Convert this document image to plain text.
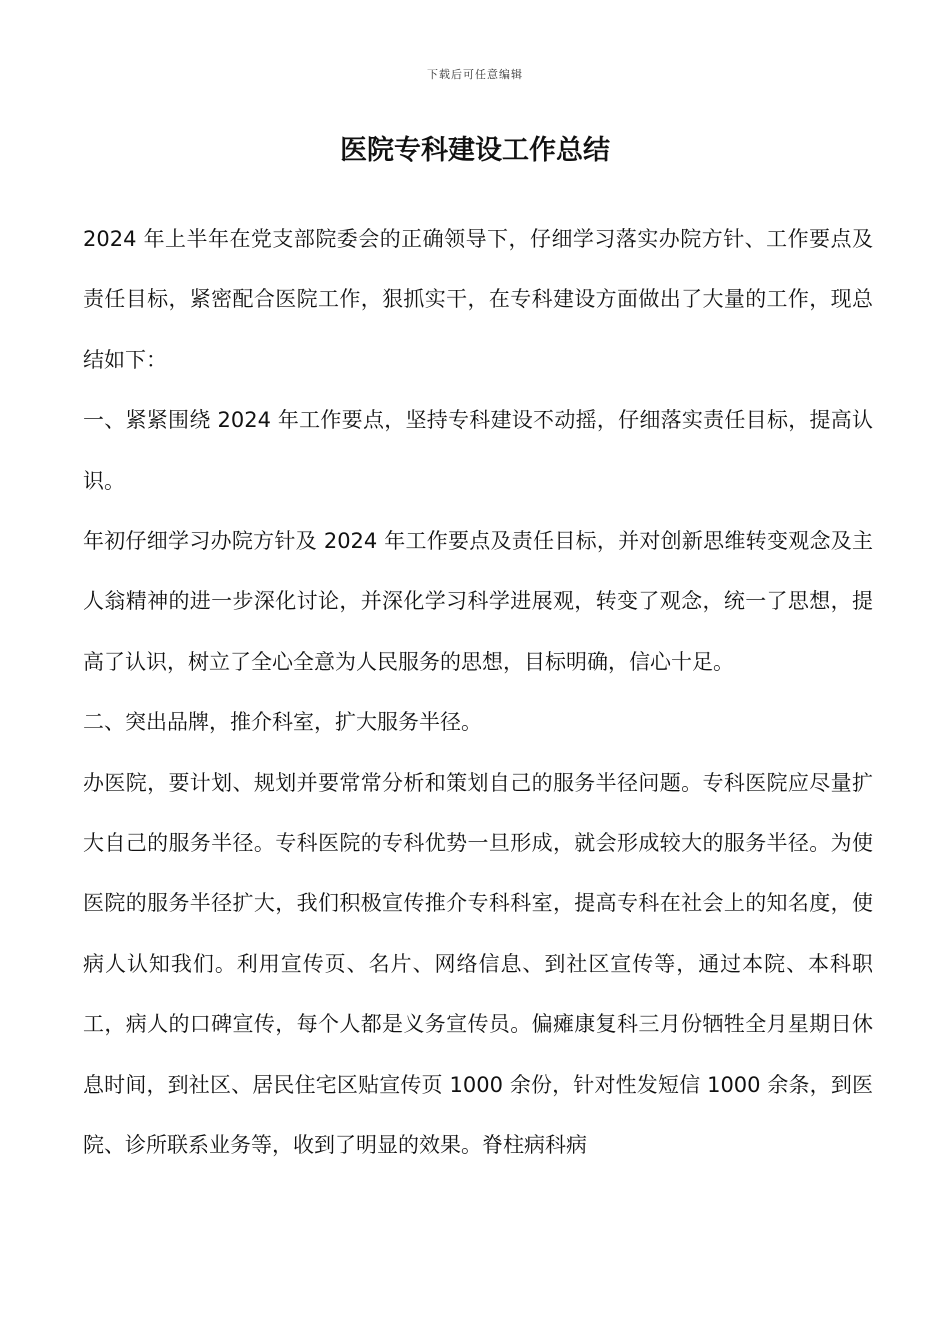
下载后可任意编辑
医院专科建设工作总结

2024 年上半年在党支部院委会的正确领导下，仔细学习落实办院方针、工作要点及责任目标，紧密配合医院工作，狠抓实干，在专科建设方面做出了大量的工作，现总结如下：

一、紧紧围绕 2024 年工作要点，坚持专科建设不动摇，仔细落实责任目标，提高认识。

年初仔细学习办院方针及 2024 年工作要点及责任目标，并对创新思维转变观念及主人翁精神的进一步深化讨论，并深化学习科学进展观，转变了观念，统一了思想，提高了认识，树立了全心全意为人民服务的思想，目标明确，信心十足。

二、突出品牌，推介科室，扩大服务半径。

办医院，要计划、规划并要常常分析和策划自己的服务半径问题。专科医院应尽量扩大自己的服务半径。专科医院的专科优势一旦形成，就会形成较大的服务半径。为使医院的服务半径扩大，我们积极宣传推介专科科室，提高专科在社会上的知名度，使病人认知我们。利用宣传页、名片、网络信息、到社区宣传等，通过本院、本科职工，病人的口碑宣传，每个人都是义务宣传员。偏瘫康复科三月份牺牲全月星期日休息时间，到社区、居民住宅区贴宣传页 1000 余份，针对性发短信 1000 余条，到医院、诊所联系业务等，收到了明显的效果。脊柱病科病
